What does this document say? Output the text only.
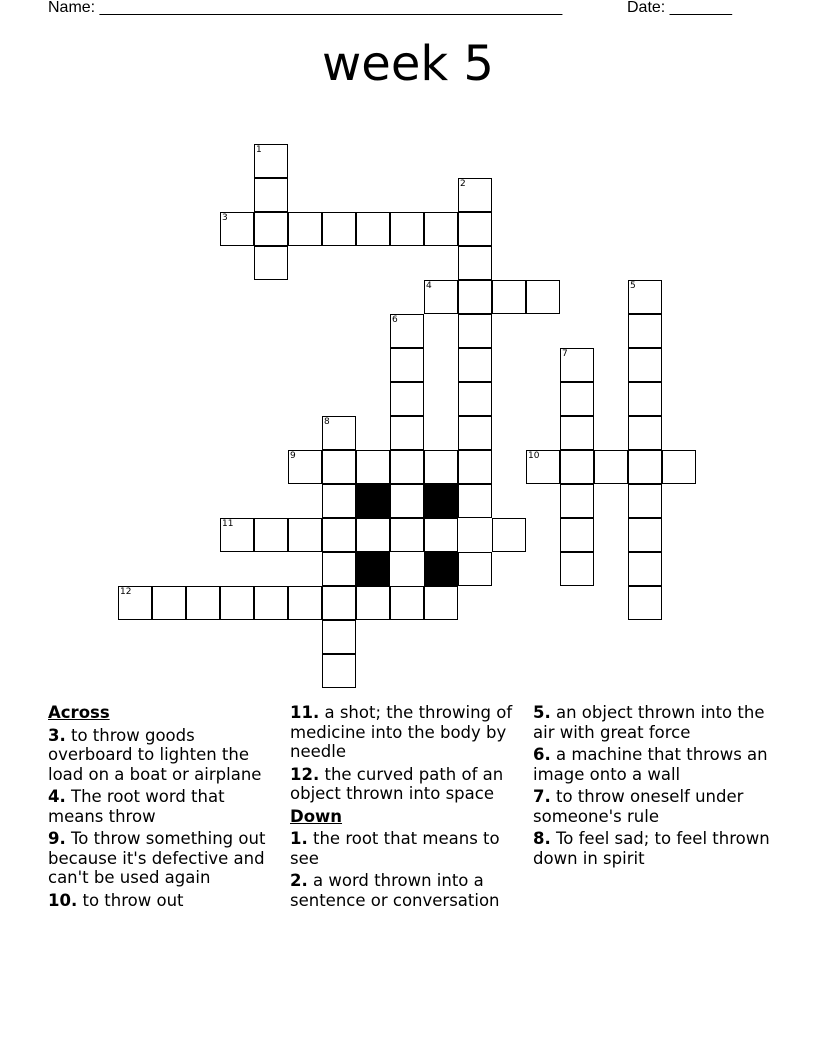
Name: ____________________________________________________	Date: _______
week 5
1
2
3
4	5
6
7
8
9	10
11
12
Across
3. to throw goods overboard to lighten the load on a boat or airplane
4. The root word that means throw
9. To throw something out because it's defective and can't be used again
10. to throw out
11. a shot; the throwing of medicine into the body by needle
12. the curved path of an object thrown into space
Down
1. the root that means to see
2. a word thrown into a sentence or conversation
5. an object thrown into the air with great force
6. a machine that throws an image onto a wall
7. to throw oneself under someone's rule
8. To feel sad; to feel thrown down in spirit
